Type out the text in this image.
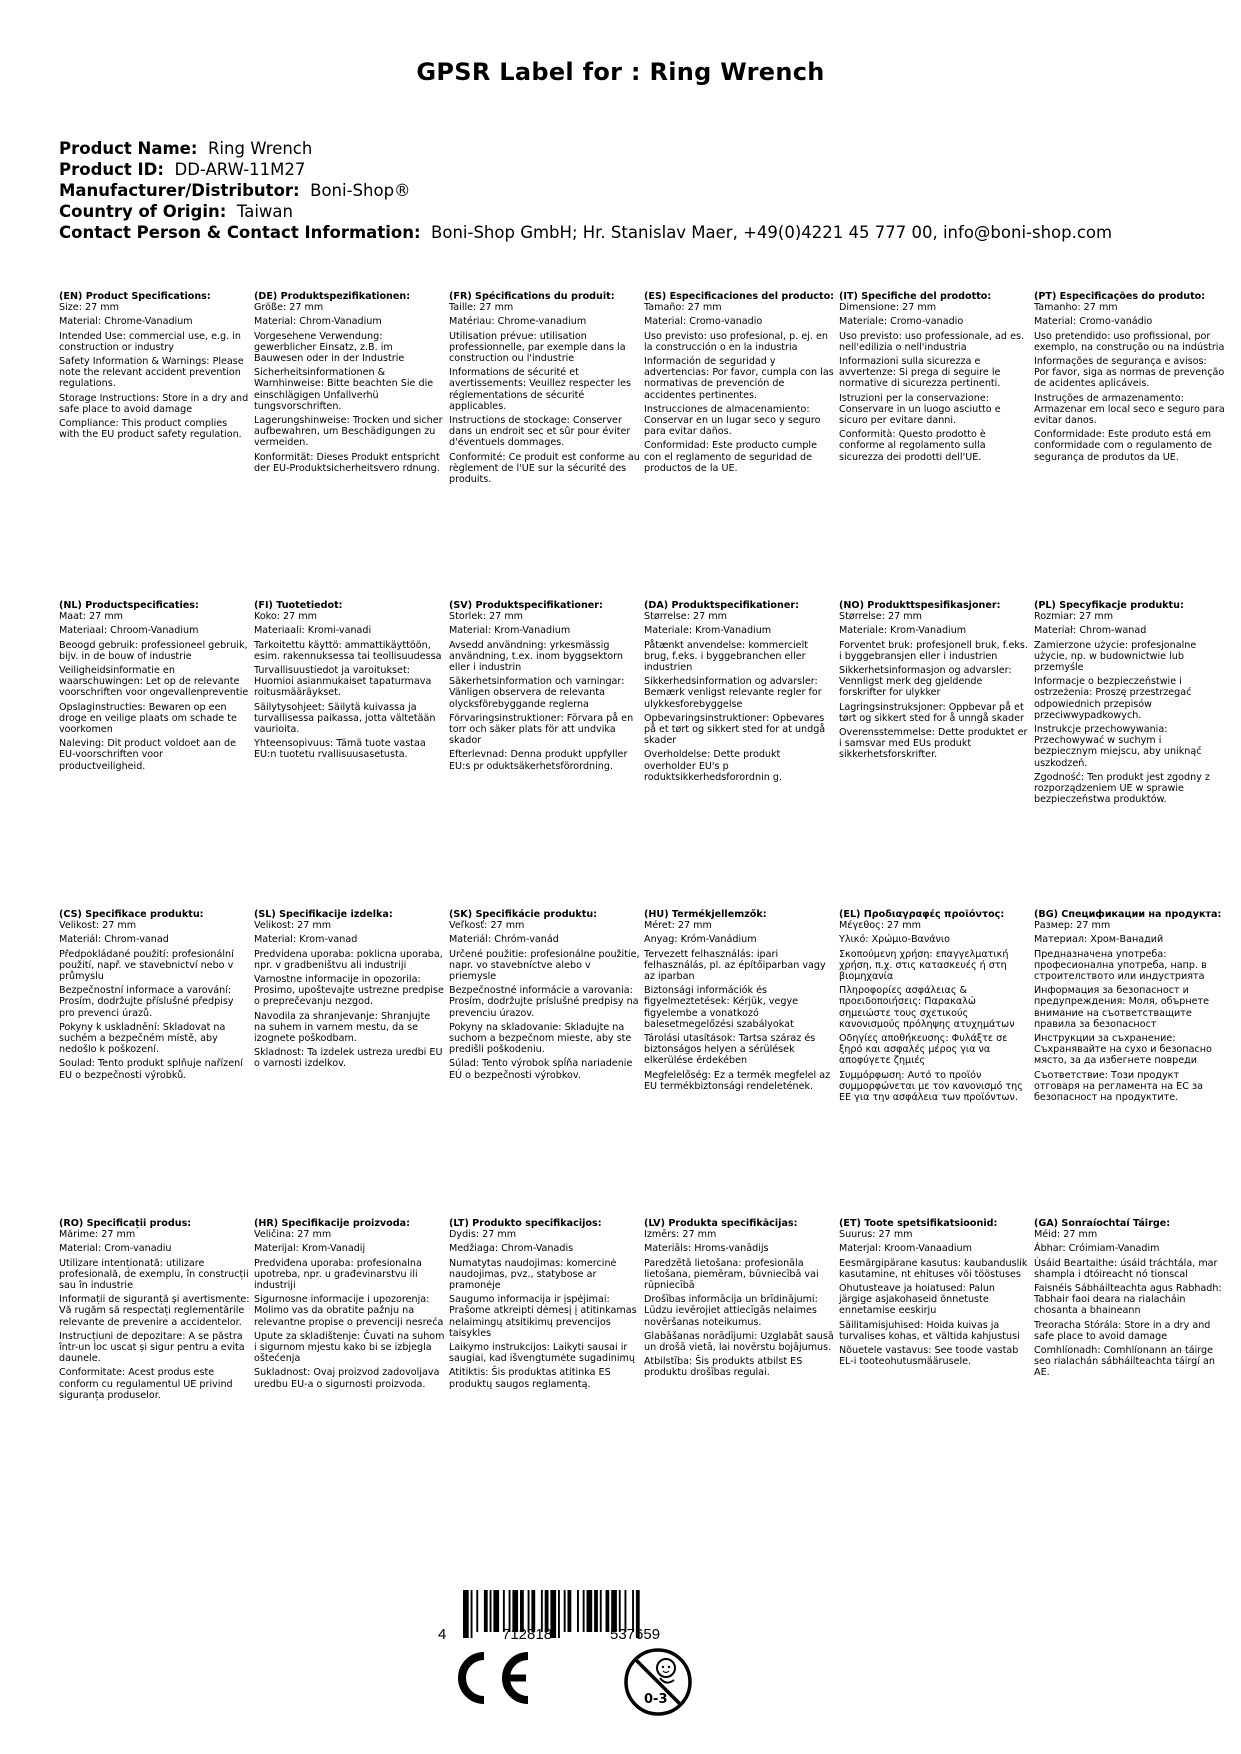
GPSR Label for : Ring Wrench
Product Name: Ring Wrench
Product ID: DD-ARW-11M27
Manufacturer/Distributor: Boni-Shop®
Country of Origin: Taiwan
Contact Person & Contact Information: Boni-Shop GmbH; Hr. Stanislav Maer, +49(0)4221 45 777 00, info@boni-shop.com
(EN) Product Specifications:

Size: 27 mm

Material: Chrome-Vanadium

Intended Use: commercial use, e.g. in construction or industry

Safety Information & Warnings: Please note the relevant accident prevention regulations.

Storage Instructions: Store in a dry and safe place to avoid damage

Compliance: This product complies with the EU product safety regulation.

(DE) Produktspezifikationen:

Größe: 27 mm

Material: Chrom-Vanadium

Vorgesehene Verwendung: gewerblicher Einsatz, z.B. im Bauwesen oder in der Industrie

Sicherheitsinformationen & Warnhinweise: Bitte beachten Sie die einschlägigen Unfallverhü tungsvorschriften.

Lagerungshinweise: Trocken und sicher aufbewahren, um Beschädigungen zu vermeiden.

Konformität: Dieses Produkt entspricht der EU-Produktsicherheitsvero rdnung.

(FR) Spécifications du produit:

Taille: 27 mm

Matériau: Chrome-vanadium

Utilisation prévue: utilisation professionnelle, par exemple dans la construction ou l'industrie

Informations de sécurité et avertissements: Veuillez respecter les réglementations de sécurité applicables.

Instructions de stockage: Conserver dans un endroit sec et sûr pour éviter d'éventuels dommages.

Conformité: Ce produit est conforme au règlement de l'UE sur la sécurité des produits.

(ES) Especificaciones del producto:

Tamaño: 27 mm

Material: Cromo-vanadio

Uso previsto: uso profesional, p. ej. en la construcción o en la industria

Información de seguridad y advertencias: Por favor, cumpla con las normativas de prevención de accidentes pertinentes.

Instrucciones de almacenamiento: Conservar en un lugar seco y seguro para evitar daños.

Conformidad: Este producto cumple con el reglamento de seguridad de productos de la UE.

(IT) Specifiche del prodotto:

Dimensione: 27 mm

Materiale: Cromo-vanadio

Uso previsto: uso professionale, ad es. nell'edilizia o nell'industria

Informazioni sulla sicurezza e avvertenze: Si prega di seguire le normative di sicurezza pertinenti.

Istruzioni per la conservazione: Conservare in un luogo asciutto e sicuro per evitare danni.

Conformità: Questo prodotto è conforme al regolamento sulla sicurezza dei prodotti dell'UE.

(PT) Especificações do produto:

Tamanho: 27 mm

Material: Cromo-vanádio

Uso pretendido: uso profissional, por exemplo, na construção ou na indústria

Informações de segurança e avisos: Por favor, siga as normas de prevenção de acidentes aplicáveis.

Instruções de armazenamento: Armazenar em local seco e seguro para evitar danos.

Conformidade: Este produto está em conformidade com o regulamento de segurança de produtos da UE.

(NL) Productspecificaties:

Maat: 27 mm

Materiaal: Chroom-Vanadium

Beoogd gebruik: professioneel gebruik, bijv. in de bouw of industrie

Veiligheidsinformatie en waarschuwingen: Let op de relevante voorschriften voor ongevallenpreventie

Opslaginstructies: Bewaren op een droge en veilige plaats om schade te voorkomen

Naleving: Dit product voldoet aan de EU-voorschriften voor productveiligheid.

(FI) Tuotetiedot:

Koko: 27 mm

Materiaali: Kromi-vanadi

Tarkoitettu käyttö: ammattikäyttöön, esim. rakennuksessa tai teollisuudessa

Turvallisuustiedot ja varoitukset: Huomioi asianmukaiset tapaturmava roitusmääräykset.

Säilytysohjeet: Säilytä kuivassa ja turvallisessa paikassa, jotta vältetään vaurioita.

Yhteensopivuus: Tämä tuote vastaa EU:n tuotetu rvallisuusasetusta.

(SV) Produktspecifikationer:

Storlek: 27 mm

Material: Krom-Vanadium

Avsedd användning: yrkesmässig användning, t.ex. inom byggsektorn eller i industrin

Säkerhetsinformation och varningar: Vänligen observera de relevanta olycksförebyggande reglerna

Förvaringsinstruktioner: Förvara på en torr och säker plats för att undvika skador

Efterlevnad: Denna produkt uppfyller EU:s pr oduktsäkerhetsförordning.

(DA) Produktspecifikationer:

Størrelse: 27 mm

Materiale: Krom-Vanadium

Påtænkt anvendelse: kommercielt brug, f.eks. i byggebranchen eller industrien

Sikkerhedsinformation og advarsler: Bemærk venligst relevante regler for ulykkesforebyggelse

Opbevaringsinstruktioner: Opbevares på et tørt og sikkert sted for at undgå skader

Overholdelse: Dette produkt overholder EU's p roduktsikkerhedsforordnin g.

(NO) Produkttspesifikasjoner:

Størrelse: 27 mm

Materiale: Krom-Vanadium

Forventet bruk: profesjonell bruk, f.eks. i byggebransjen eller i industrien

Sikkerhetsinformasjon og advarsler: Vennligst merk deg gjeldende forskrifter for ulykker

Lagringsinstruksjoner: Oppbevar på et tørt og sikkert sted for å unngå skader

Overensstemmelse: Dette produktet er i samsvar med EUs produkt sikkerhetsforskrifter.

(PL) Specyfikacje produktu:

Rozmiar: 27 mm

Materiał: Chrom-wanad

Zamierzone użycie: profesjonalne użycie, np. w budownictwie lub przemyśle

Informacje o bezpieczeństwie i ostrzeżenia: Proszę przestrzegać odpowiednich przepisów przeciwwypadkowych.

Instrukcje przechowywania: Przechowywać w suchym i bezpiecznym miejscu, aby uniknąć uszkodzeń.

Zgodność: Ten produkt jest zgodny z rozporządzeniem UE w sprawie bezpieczeństwa produktów.

(CS) Specifikace produktu:

Velikost: 27 mm

Materiál: Chrom-vanad

Předpokládané použití: profesionální použití, např. ve stavebnictví nebo v průmyslu

Bezpečnostní informace a varování: Prosím, dodržujte příslušné předpisy pro prevenci úrazů.

Pokyny k uskladnění: Skladovat na suchém a bezpečném místě, aby nedošlo k poškození.

Soulad: Tento produkt splňuje nařízení EU o bezpečnosti výrobků.

(SL) Specifikacije izdelka:

Velikost: 27 mm

Material: Krom-vanad

Predvidena uporaba: poklicna uporaba, npr. v gradbeništvu ali industriji

Varnostne informacije in opozorila: Prosimo, upoštevajte ustrezne predpise o preprečevanju nezgod.

Navodila za shranjevanje: Shranjujte na suhem in varnem mestu, da se izognete poškodbam.

Skladnost: Ta izdelek ustreza uredbi EU o varnosti izdelkov.

(SK) Špecifikácie produktu:

Veľkosť: 27 mm

Materiál: Chróm-vanád

Určené použitie: profesionálne použitie, napr. vo stavebníctve alebo v priemysle

Bezpečnostné informácie a varovania: Prosím, dodržujte príslušné predpisy na prevenciu úrazov.

Pokyny na skladovanie: Skladujte na suchom a bezpečnom mieste, aby ste predišli poškodeniu.

Súlad: Tento výrobok spĺňa nariadenie EÚ o bezpečnosti výrobkov.

(HU) Termékjellemzők:

Méret: 27 mm

Anyag: Króm-Vanádium

Tervezett felhasználás: ipari felhasználás, pl. az építőiparban vagy az iparban

Biztonsági információk és figyelmeztetések: Kérjük, vegye figyelembe a vonatkozó balesetmegelőzési szabályokat

Tárolási utasítások: Tartsa száraz és biztonságos helyen a sérülések elkerülése érdekében

Megfelelőség: Ez a termék megfelel az EU termékbiztonsági rendeletének.

(EL) Προδιαγραφές προϊόντος:

Μέγεθος: 27 mm

Υλικό: Χρώμιο-Βανάνιο

Σκοπούμενη χρήση: επαγγελματική χρήση, π.χ. στις κατασκευές ή στη βιομηχανία

Πληροφορίες ασφάλειας & προειδοποιήσεις: Παρακαλώ σημειώστε τους σχετικούς κανονισμούς πρόληψης ατυχημάτων

Οδηγίες αποθήκευσης: Φυλάξτε σε ξηρό και ασφαλές μέρος για να αποφύγετε ζημιές

Συμμόρφωση: Αυτό το προϊόν συμμορφώνεται με τον κανονισμό της ΕΕ για την ασφάλεια των προϊόντων.

(BG) Спецификации на продукта:

Размер: 27 mm

Материал: Хром-Ванадий

Предназначена употреба: професионална употреба, напр. в строителството или индустрията

Информация за безопасност и предупреждения: Моля, обърнете внимание на съответстващите правила за безопасност

Инструкции за съхранение: Съхранявайте на сухо и безопасно място, за да избегнете повреди

Съответствие: Този продукт отговаря на регламента на ЕС за безопасност на продуктите.

(RO) Specificații produs:

Mărime: 27 mm

Material: Crom-vanadiu

Utilizare intenționată: utilizare profesională, de exemplu, în construcții sau în industrie

Informații de siguranță și avertismente: Vă rugăm să respectați reglementările relevante de prevenire a accidentelor.

Instrucțiuni de depozitare: A se păstra într-un loc uscat și sigur pentru a evita daunele.

Conformitate: Acest produs este conform cu regulamentul UE privind siguranța produselor.

(HR) Specifikacije proizvoda:

Veličina: 27 mm

Materijal: Krom-Vanadij

Predviđena uporaba: profesionalna upotreba, npr. u građevinarstvu ili industriji

Sigurnosne informacije i upozorenja: Molimo vas da obratite pažnju na relevantne propise o prevenciji nesreća

Upute za skladištenje: Čuvati na suhom i sigurnom mjestu kako bi se izbjegla oštećenja

Sukladnost: Ovaj proizvod zadovoljava uredbu EU-a o sigurnosti proizvoda.

(LT) Produkto specifikacijos:

Dydis: 27 mm

Medžiaga: Chrom-Vanadis

Numatytas naudojimas: komercinė naudojimas, pvz., statybose ar pramonėje

Saugumo informacija ir įspėjimai: Prašome atkreipti dėmesį į atitinkamas nelaimingų atsitikimų prevencijos taisykles

Laikymo instrukcijos: Laikyti sausai ir saugiai, kad išvengtumėte sugadinimų

Atitiktis: Šis produktas atitinka ES produktų saugos reglamentą.

(LV) Produkta specifikācijas:

Izmērs: 27 mm

Materiāls: Hroms-vanādijs

Paredzētā lietošana: profesionāla lietošana, piemēram, būvniecībā vai rūpniecībā

Drošības informācija un brīdinājumi: Lūdzu ievērojiet attiecīgās nelaimes novēršanas noteikumus.

Glabāšanas norādījumi: Uzglabāt sausā un drošā vietā, lai novērstu bojājumus.

Atbilstība: Šis produkts atbilst ES produktu drošības regulai.

(ET) Toote spetsifikatsioonid:

Suurus: 27 mm

Materjal: Kroom-Vanaadium

Eesmärgipärane kasutus: kaubanduslik kasutamine, nt ehituses või tööstuses

Ohutusteave ja hoiatused: Palun järgige asjakohaseid õnnetuste ennetamise eeskirju

Säilitamisjuhised: Hoida kuivas ja turvalises kohas, et vältida kahjustusi

Nõuetele vastavus: See toode vastab EL-i tooteohutusmäärusele.

(GA) Sonraíochtaí Táirge:

Méid: 27 mm

Ábhar: Cróimiam-Vanadim

Úsáid Beartaithe: úsáid tráchtála, mar shampla i dtóireacht nó tionscal

Faisnéis Sábháilteachta agus Rabhadh: Tabhair faoi deara na rialacháin chosanta a bhaineann

Treoracha Stórála: Store in a dry and safe place to avoid damage

Comhlíonadh: Comhlíonann an táirge seo rialachán sábháilteachta táirgí an AE.

4	712818	537659
0-3
